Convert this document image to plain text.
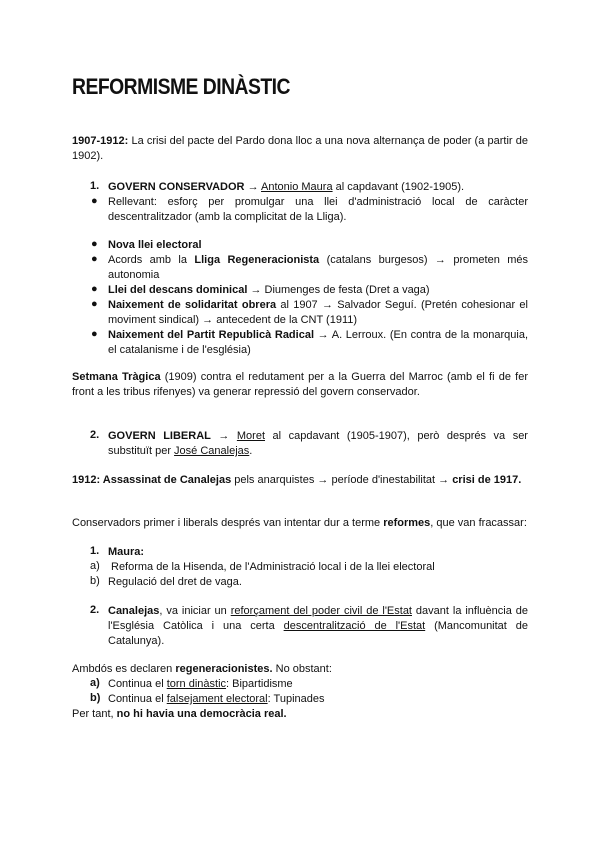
REFORMISME DINÀSTIC
1907-1912: La crisi del pacte del Pardo dona lloc a una nova alternança de poder (a partir de 1902).
1. GOVERN CONSERVADOR → Antonio Maura al capdavant (1902-1905).
● Rellevant: esforç per promulgar una llei d'administració local de caràcter descentralitzador (amb la complicitat de la Lliga).
● Nova llei electoral
● Acords amb la Lliga Regeneracionista (catalans burgesos) → prometen més autonomia
● Llei del descans dominical → Diumenges de festa (Dret a vaga)
● Naixement de solidaritat obrera al 1907 → Salvador Seguí. (Pretén cohesionar el moviment sindical) → antecedent de la CNT (1911)
● Naixement del Partit Republicà Radical → A. Lerroux. (En contra de la monarquia, el catalanisme i de l'església)
Setmana Tràgica (1909) contra el redutament per a la Guerra del Marroc (amb el fi de fer front a les tribus rifenyes) va generar repressió del govern conservador.
2. GOVERN LIBERAL → Moret al capdavant (1905-1907), però després va ser substituït per José Canalejas.
1912: Assassinat de Canalejas pels anarquistes → període d'inestabilitat → crisi de 1917.
Conservadors primer i liberals després van intentar dur a terme reformes, que van fracassar:
1. Maura:
a) Reforma de la Hisenda, de l'Administració local i de la llei electoral
b) Regulació del dret de vaga.
2. Canalejas, va iniciar un reforçament del poder civil de l'Estat davant la influència de l'Església Catòlica i una certa descentralització de l'Estat (Mancomunitat de Catalunya).
Ambdós es declaren regeneracionistes. No obstant:
a) Continua el torn dinàstic: Bipartidisme
b) Continua el falsejament electoral: Tupinades
Per tant, no hi havia una democràcia real.
